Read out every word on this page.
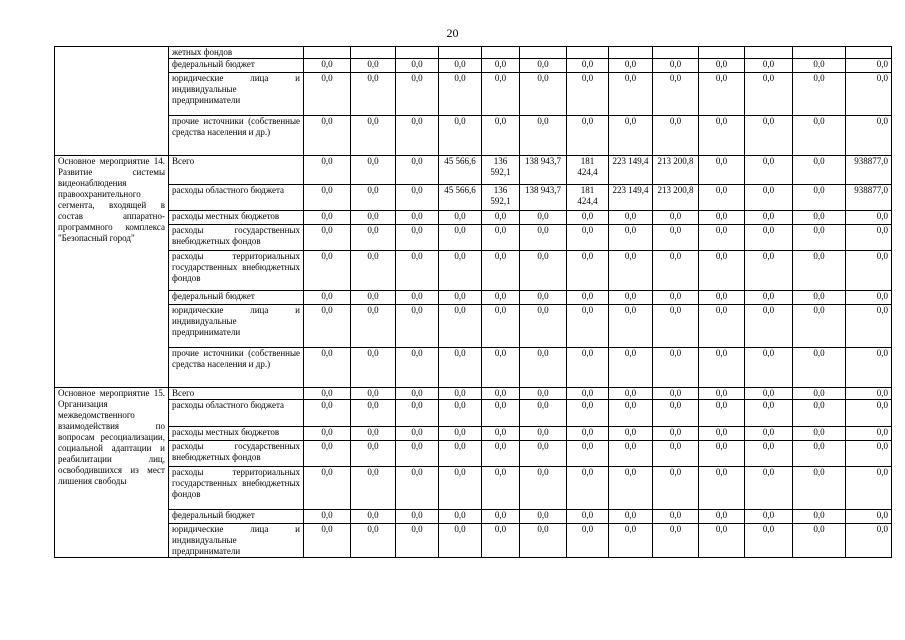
20
	жетных фондов													
	федеральный бюджет	0,0	0,0	0,0	0,0	0,0	0,0	0,0	0,0	0,0	0,0	0,0	0,0	0,0
	юридические лица и индивидуальные предприниматели	0,0	0,0	0,0	0,0	0,0	0,0	0,0	0,0	0,0	0,0	0,0	0,0	0,0
	прочие источники (собственные средства населения и др.)	0,0	0,0	0,0	0,0	0,0	0,0	0,0	0,0	0,0	0,0	0,0	0,0	0,0
Основное мероприятие 14. Развитие системы видеонаблюдения правоохранительного сегмента, входящей в состав аппаратно-программного комплекса "Безопасный город"	Всего	0,0	0,0	0,0	45 566,6	136 592,1	138 943,7	181 424,4	223 149,4	213 200,8	0,0	0,0	0,0	938877,0
	расходы областного бюджета	0,0	0,0	0,0	45 566,6	136 592,1	138 943,7	181 424,4	223 149,4	213 200,8	0,0	0,0	0,0	938877,0
	расходы местных бюджетов	0,0	0,0	0,0	0,0	0,0	0,0	0,0	0,0	0,0	0,0	0,0	0,0	0,0
	расходы государственных внебюджетных фондов	0,0	0,0	0,0	0,0	0,0	0,0	0,0	0,0	0,0	0,0	0,0	0,0	0,0
	расходы территориальных государственных внебюджетных фондов	0,0	0,0	0,0	0,0	0,0	0,0	0,0	0,0	0,0	0,0	0,0	0,0	0,0
	федеральный бюджет	0,0	0,0	0,0	0,0	0,0	0,0	0,0	0,0	0,0	0,0	0,0	0,0	0,0
	юридические лица и индивидуальные предприниматели	0,0	0,0	0,0	0,0	0,0	0,0	0,0	0,0	0,0	0,0	0,0	0,0	0,0
	прочие источники (собственные средства населения и др.)	0,0	0,0	0,0	0,0	0,0	0,0	0,0	0,0	0,0	0,0	0,0	0,0	0,0
Основное мероприятие 15. Организация межведомственного взаимодействия по вопросам ресоциализации, социальной адаптации и реабилитации лиц, освободившихся из мест лишения свободы	Всего	0,0	0,0	0,0	0,0	0,0	0,0	0,0	0,0	0,0	0,0	0,0	0,0	0,0
	расходы областного бюджета	0,0	0,0	0,0	0,0	0,0	0,0	0,0	0,0	0,0	0,0	0,0	0,0	0,0
	расходы местных бюджетов	0,0	0,0	0,0	0,0	0,0	0,0	0,0	0,0	0,0	0,0	0,0	0,0	0,0
	расходы государственных внебюджетных фондов	0,0	0,0	0,0	0,0	0,0	0,0	0,0	0,0	0,0	0,0	0,0	0,0	0,0
	расходы территориальных государственных внебюджетных фондов	0,0	0,0	0,0	0,0	0,0	0,0	0,0	0,0	0,0	0,0	0,0	0,0	0,0
	федеральный бюджет	0,0	0,0	0,0	0,0	0,0	0,0	0,0	0,0	0,0	0,0	0,0	0,0	0,0
	юридические лица и индивидуальные предприниматели	0,0	0,0	0,0	0,0	0,0	0,0	0,0	0,0	0,0	0,0	0,0	0,0	0,0
